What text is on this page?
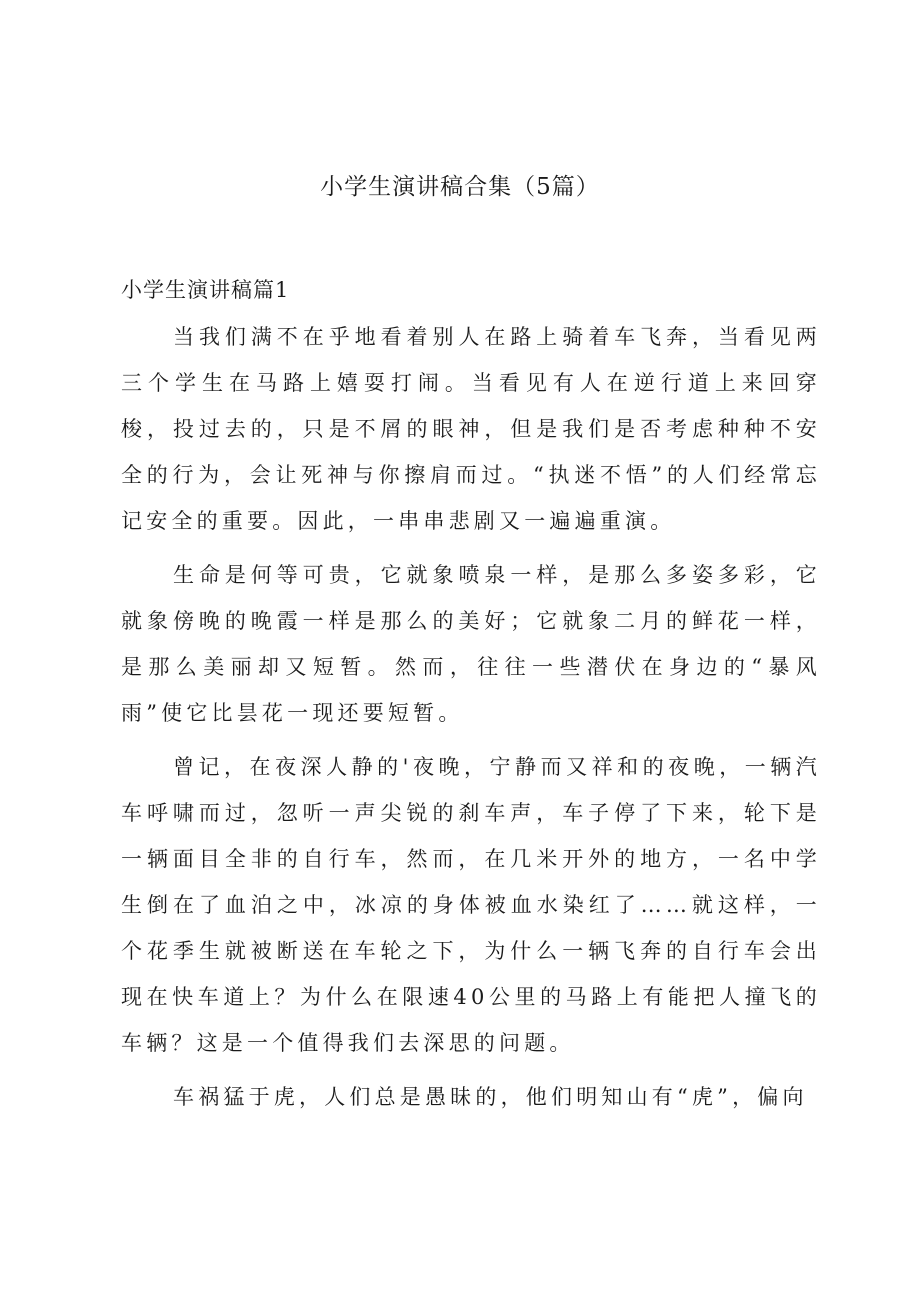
小学生演讲稿合集（5篇）
小学生演讲稿篇1

当我们满不在乎地看着别人在路上骑着车飞奔，当看见两三个学生在马路上嬉耍打闹。当看见有人在逆行道上来回穿梭，投过去的，只是不屑的眼神，但是我们是否考虑种种不安全的行为，会让死神与你擦肩而过。“执迷不悟”的人们经常忘记安全的重要。因此，一串串悲剧又一遍遍重演。

生命是何等可贵，它就象喷泉一样，是那么多姿多彩，它就象傍晚的晚霞一样是那么的美好；它就象二月的鲜花一样，是那么美丽却又短暂。然而，往往一些潜伏在身边的“暴风雨”使它比昙花一现还要短暂。

曾记，在夜深人静的'夜晚，宁静而又祥和的夜晚，一辆汽车呼啸而过，忽听一声尖锐的刹车声，车子停了下来，轮下是一辆面目全非的自行车，然而，在几米开外的地方，一名中学生倒在了血泊之中，冰凉的身体被血水染红了……就这样，一个花季生就被断送在车轮之下，为什么一辆飞奔的自行车会出现在快车道上？为什么在限速40公里的马路上有能把人撞飞的车辆？这是一个值得我们去深思的问题。

车祸猛于虎，人们总是愚昧的，他们明知山有“虎”，偏向
